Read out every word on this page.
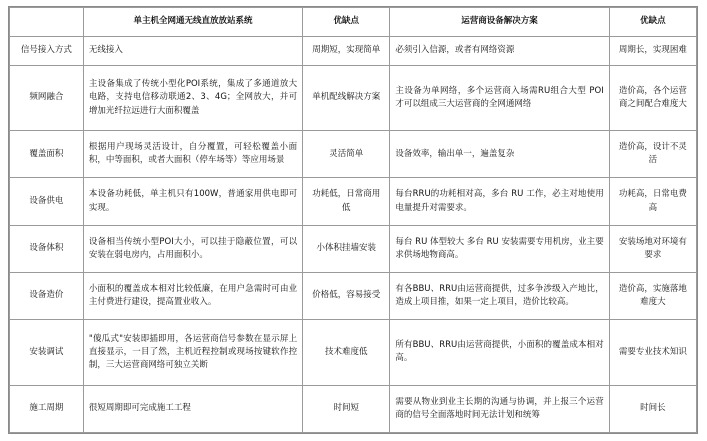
	单主机全网通无线直放放站系统	优缺点	运营商设备解决方案	优缺点
信号接入方式	无线接入	周期短，实现简单	必须引入信源，或者有网络资源	周期长，实现困难
频网融合	主设备集成了传统小型化POI系统，集成了多通道放大电路，支持电信移动联通2、3、4G；全网放大，并可增加光纤拉远进行大面积覆盖	单机配线解决方案	主设备为单网络，多个运营商入场需RU组合大型 POI 才可以组成三大运营商的全网通网络	造价高，各个运营商之间配合难度大
覆盖面积	根据用户现场灵活设计，自分覆置，可轻松覆盖小面积，中等面积，或者大面积（停车场等）等应用场景	灵活简单	设备效率，输出单一，遍盖复杂	造价高，设计不灵活
设备供电	本设备功耗低，单主机只有100W，普通家用供电即可实现。	功耗低，日常商用低	每台RRU的功耗相对高，多台 RU 工作，必主对地使用电量提升对需要求。	功耗高，日常电费高
设备体积	设备相当传统小型POI大小，可以挂于隐蔽位置，可以安装在弱电房内，占用面积小。	小体积挂墙安装	每台 RU 体型较大 多台 RU 安装需要专用机房，业主要求供场地物商高。	安装场地对环境有要求
设备造价	小面积的覆盖成本相对比较低廉，在用户急需时可由业主付费进行建设，提高置业收入。	价格低，容易接受	有各BBU、RRU由运营商提供，过多争涉级入产地比，造成上项目推，如果一定上项目，造价比较高。	造价高，实施落地难度大
安装调试	"傻瓜式"安装即插即用，各运营商信号参数在显示屏上直接显示，一目了然，主机近程控制或现场按键软作控制，三大运营商网络可独立关断	技术难度低	所有BBU、RRU由运营商提供，小面积的覆盖成本相对高。	需要专业技术知识
施工周期	很短周期即可完成施工工程	时间短	需要从物业到业主长期的沟通与协调，并上报三个运营商的信号全面落地时间无法计划和统筹	时间长
